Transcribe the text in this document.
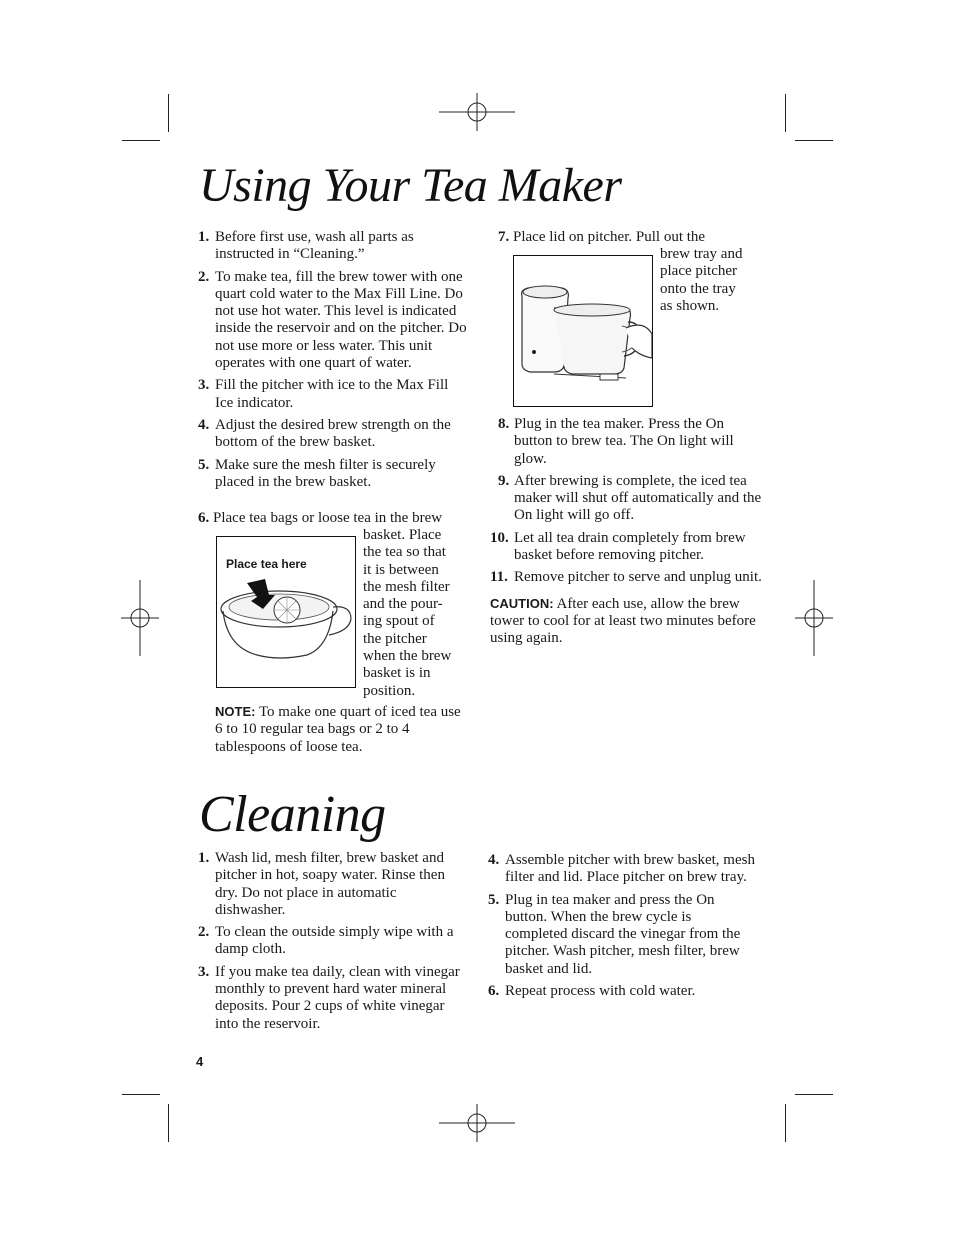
Using Your Tea Maker
1. Before first use, wash all parts as instructed in “Cleaning.”
2. To make tea, fill the brew tower with one quart cold water to the Max Fill Line. Do not use hot water. This level is indicated inside the reservoir and on the pitcher. Do not use more or less water. This unit operates with one quart of water.
3. Fill the pitcher with ice to the Max Fill Ice indicator.
4. Adjust the desired brew strength on the bottom of the brew basket.
5. Make sure the mesh filter is securely placed in the brew basket.
6. Place tea bags or loose tea in the brew
Place tea here
basket. Place
the tea so that
it is between
the mesh filter
and the pour-
ing spout of
the pitcher
when the brew
basket is in
position.
NOTE: To make one quart of iced tea use 6 to 10 regular tea bags or 2 to 4 tablespoons of loose tea.
7. Place lid on pitcher. Pull out the
brew tray and
place pitcher
onto the tray
as shown.
8. Plug in the tea maker. Press the On button to brew tea. The On light will glow.
9. After brewing is complete, the iced tea maker will shut off automatically and the On light will go off.
10. Let all tea drain completely from brew basket before removing pitcher.
11. Remove pitcher to serve and unplug unit.
CAUTION: After each use, allow the brew tower to cool for at least two minutes before using again.
Cleaning
1. Wash lid, mesh filter, brew basket and pitcher in hot, soapy water. Rinse then dry. Do not place in automatic dishwasher.
2. To clean the outside simply wipe with a damp cloth.
3. If you make tea daily, clean with vinegar monthly to prevent hard water mineral deposits. Pour 2 cups of white vinegar into the reservoir.
4. Assemble pitcher with brew basket, mesh filter and lid. Place pitcher on brew tray.
5. Plug in tea maker and press the On button. When the brew cycle is completed discard the vinegar from the pitcher. Wash pitcher, mesh filter, brew basket and lid.
6. Repeat process with cold water.
4
